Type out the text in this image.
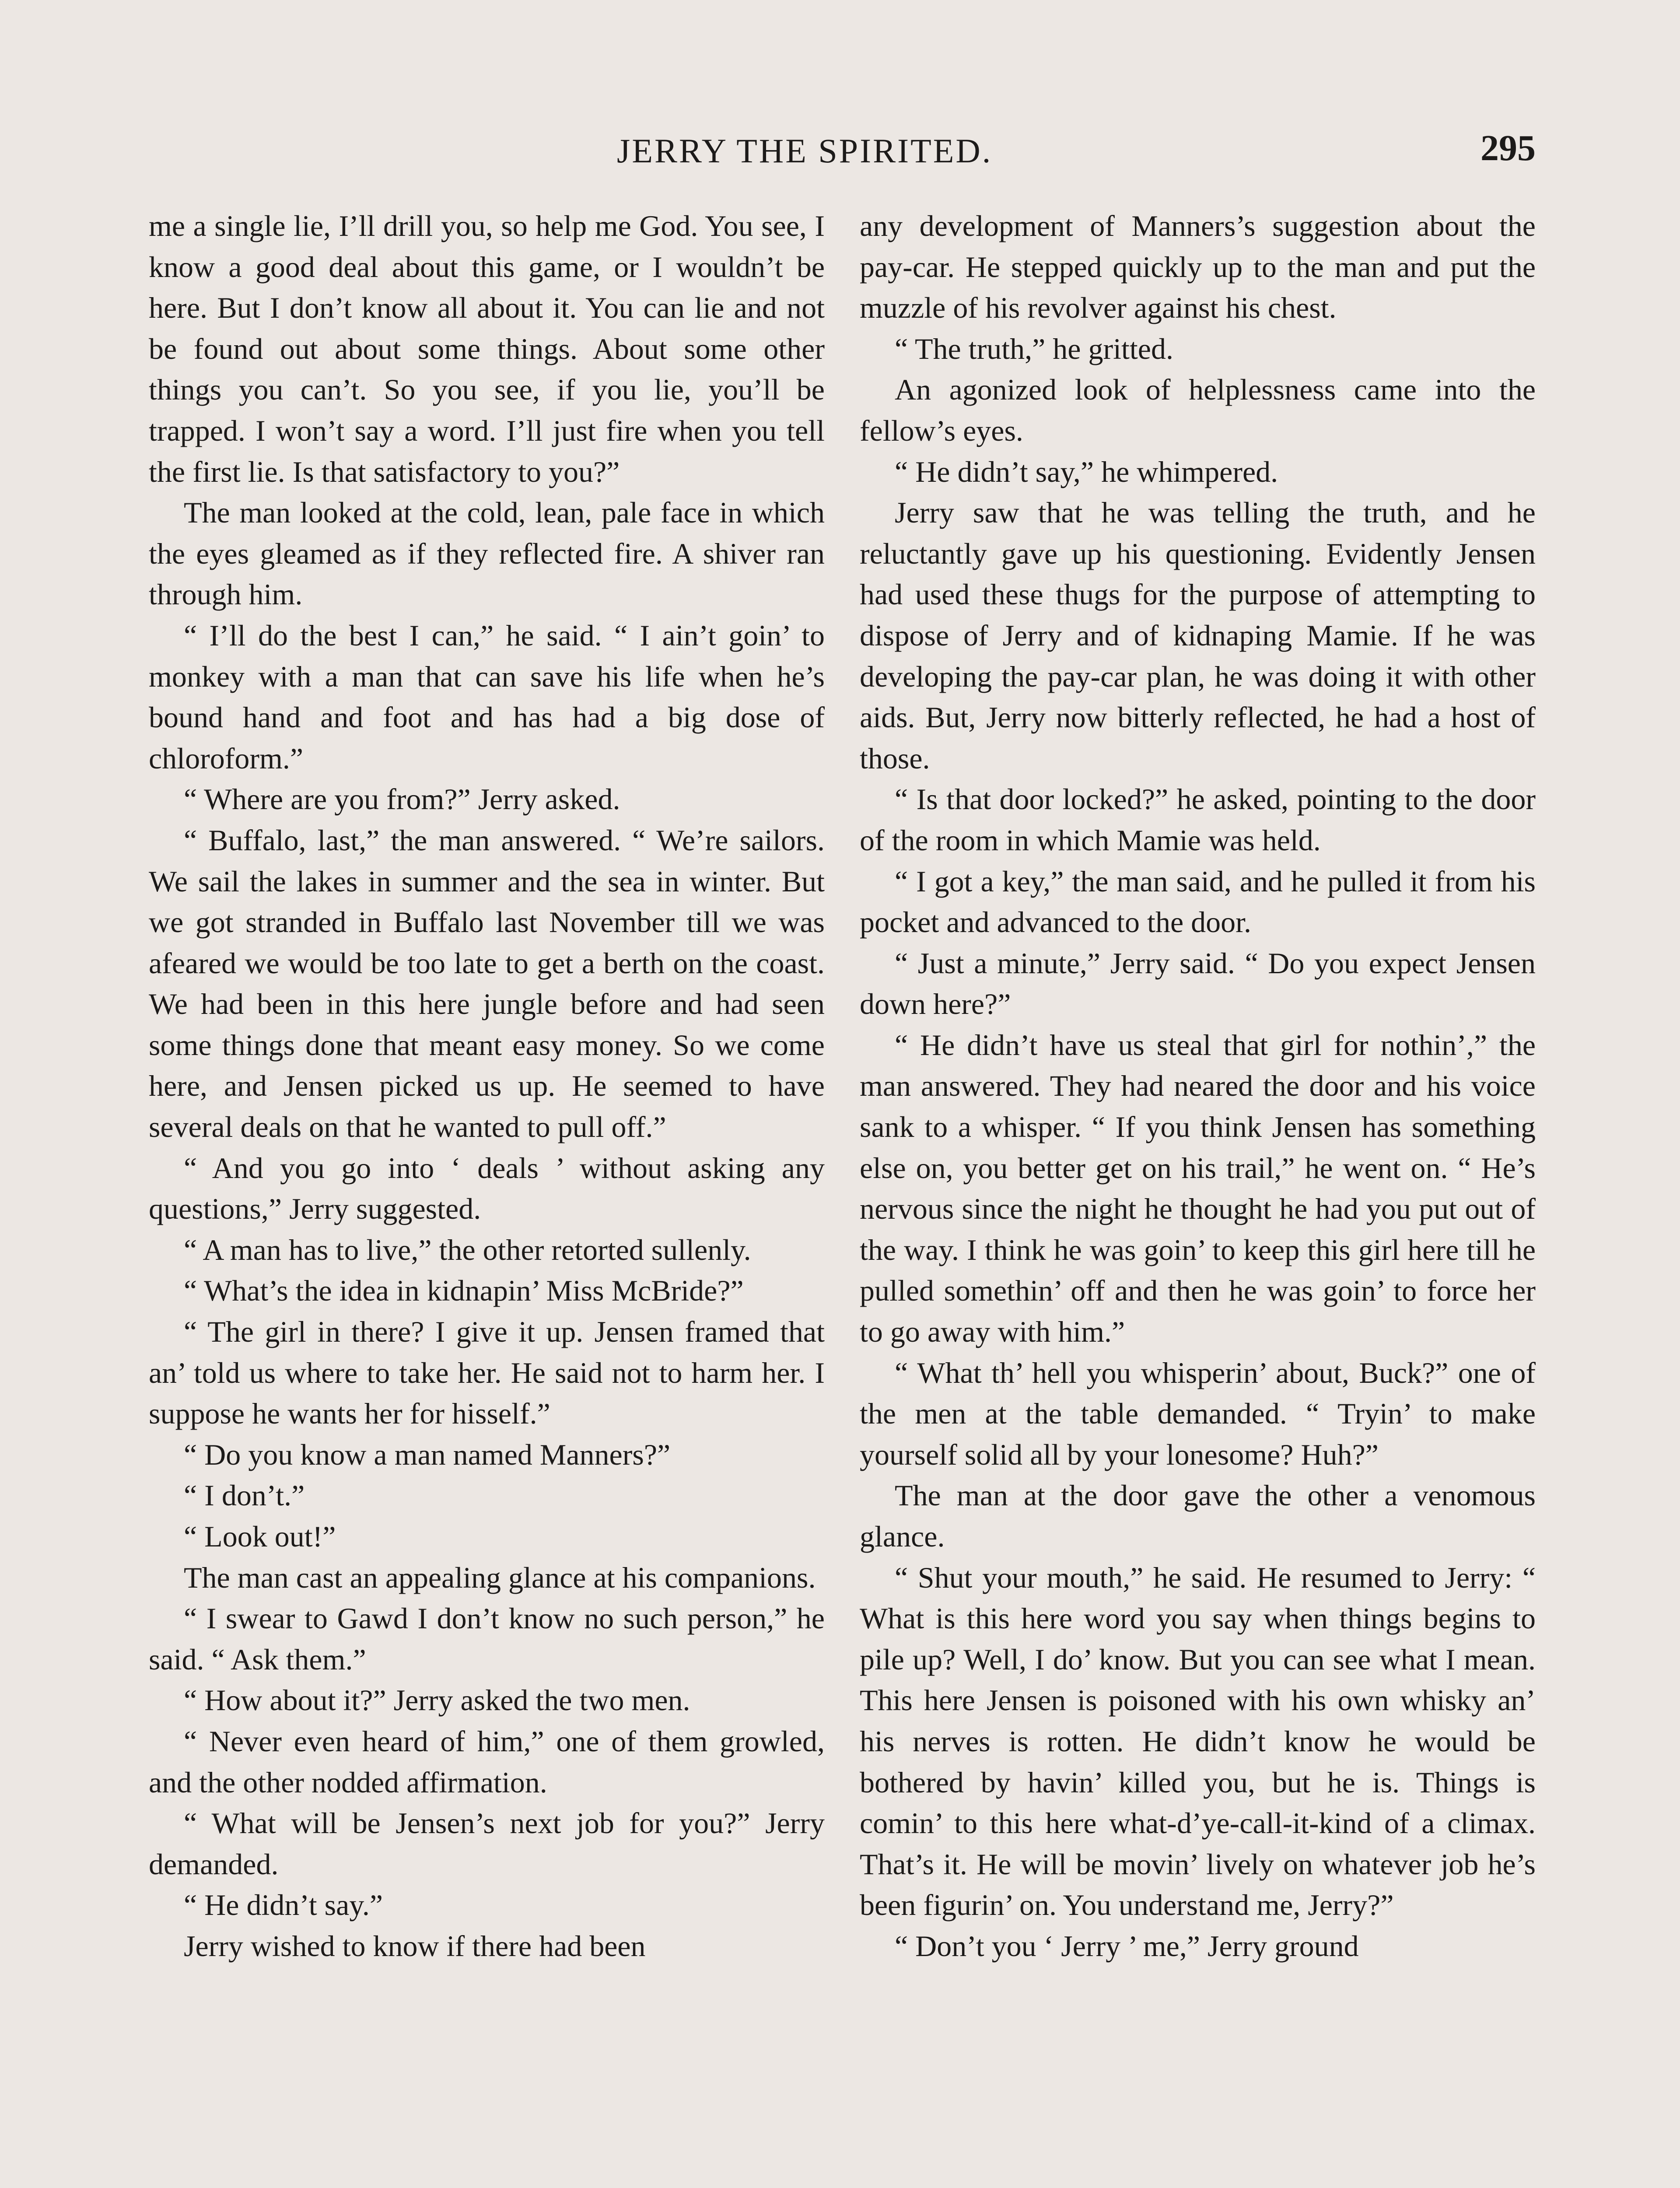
JERRY THE SPIRITED.	295

me a single lie, I’ll drill you, so help me God. You see, I know a good deal about this game, or I wouldn’t be here. But I don’t know all about it. You can lie and not be found out about some things. About some other things you can’t. So you see, if you lie, you’ll be trapped. I won’t say a word. I’ll just fire when you tell the first lie. Is that satisfactory to you?”

The man looked at the cold, lean, pale face in which the eyes gleamed as if they reflected fire. A shiver ran through him.

“ I’ll do the best I can,” he said. “ I ain’t goin’ to monkey with a man that can save his life when he’s bound hand and foot and has had a big dose of chloroform.”

“ Where are you from?” Jerry asked.

“ Buffalo, last,” the man answered. “ We’re sailors. We sail the lakes in summer and the sea in winter. But we got stranded in Buffalo last November till we was afeared we would be too late to get a berth on the coast. We had been in this here jungle before and had seen some things done that meant easy money. So we come here, and Jensen picked us up. He seemed to have several deals on that he wanted to pull off.”

“ And you go into ‘ deals ’ without asking any questions,” Jerry suggested.

“ A man has to live,” the other retorted sullenly.

“ What’s the idea in kidnapin’ Miss McBride?”

“ The girl in there? I give it up. Jensen framed that an’ told us where to take her. He said not to harm her. I suppose he wants her for hisself.”

“ Do you know a man named Manners?”

“ I don’t.”

“ Look out!”

The man cast an appealing glance at his companions.

“ I swear to Gawd I don’t know no such person,” he said. “ Ask them.”

“ How about it?” Jerry asked the two men.

“ Never even heard of him,” one of them growled, and the other nodded affirmation.

“ What will be Jensen’s next job for you?” Jerry demanded.

“ He didn’t say.”

Jerry wished to know if there had been

any development of Manners’s suggestion about the pay-car. He stepped quickly up to the man and put the muzzle of his revolver against his chest.

“ The truth,” he gritted.

An agonized look of helplessness came into the fellow’s eyes.

“ He didn’t say,” he whimpered.

Jerry saw that he was telling the truth, and he reluctantly gave up his questioning. Evidently Jensen had used these thugs for the purpose of attempting to dispose of Jerry and of kidnaping Mamie. If he was developing the pay-car plan, he was doing it with other aids. But, Jerry now bitterly reflected, he had a host of those.

“ Is that door locked?” he asked, pointing to the door of the room in which Mamie was held.

“ I got a key,” the man said, and he pulled it from his pocket and advanced to the door.

“ Just a minute,” Jerry said. “ Do you expect Jensen down here?”

“ He didn’t have us steal that girl for nothin’,” the man answered. They had neared the door and his voice sank to a whisper. “ If you think Jensen has something else on, you better get on his trail,” he went on. “ He’s nervous since the night he thought he had you put out of the way. I think he was goin’ to keep this girl here till he pulled somethin’ off and then he was goin’ to force her to go away with him.”

“ What th’ hell you whisperin’ about, Buck?” one of the men at the table demanded. “ Tryin’ to make yourself solid all by your lonesome? Huh?”

The man at the door gave the other a venomous glance.

“ Shut your mouth,” he said. He resumed to Jerry: “ What is this here word you say when things begins to pile up? Well, I do’ know. But you can see what I mean. This here Jensen is poisoned with his own whisky an’ his nerves is rotten. He didn’t know he would be bothered by havin’ killed you, but he is. Things is comin’ to this here what-d’ye-call-it-kind of a climax. That’s it. He will be movin’ lively on whatever job he’s been figurin’ on. You understand me, Jerry?”

“ Don’t you ‘ Jerry ’ me,” Jerry ground
